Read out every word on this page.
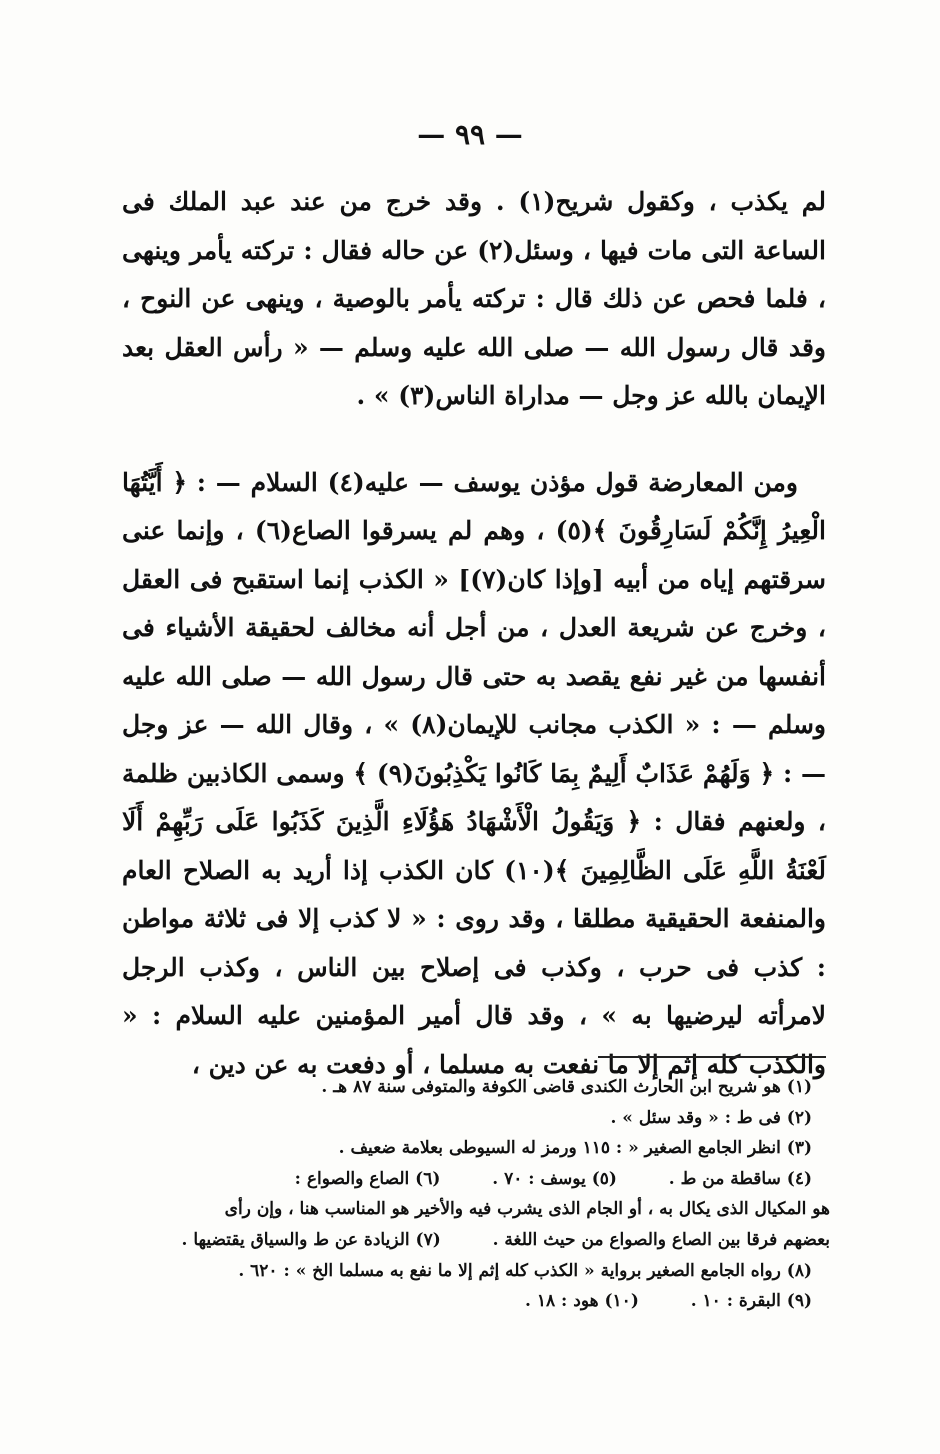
— ٩٩ —

لم يكذب ، وكقول شريح(١) . وقد خرج من عند عبد الملك فى الساعة التى مات فيها ، وسئل(٢) عن حاله فقال : تركته يأمر وينهى ، فلما فحص عن ذلك قال : تركته يأمر بالوصية ، وينهى عن النوح ، وقد قال رسول الله — صلى الله عليه وسلم — « رأس العقل بعد الإيمان بالله عز وجل — مداراة الناس(٣) » .

ومن المعارضة قول مؤذن يوسف — عليه(٤) السلام — : ﴿ أَيَّتُهَا الْعِيرُ إِنَّكُمْ لَسَارِقُونَ ﴾(٥) ، وهم لم يسرقوا الصاع(٦) ، وإنما عنى سرقتهم إياه من أبيه [وإذا كان(٧)] « الكذب إنما استقبح فى العقل ، وخرج عن شريعة العدل ، من أجل أنه مخالف لحقيقة الأشياء فى أنفسها من غير نفع يقصد به حتى قال رسول الله — صلى الله عليه وسلم — : « الكذب مجانب للإيمان(٨) » ، وقال الله — عز وجل — : ﴿ وَلَهُمْ عَذَابٌ أَلِيمٌ بِمَا كَانُوا يَكْذِبُونَ(٩) ﴾ وسمى الكاذبين ظلمة ، ولعنهم فقال : ﴿ وَيَقُولُ الْأَشْهَادُ هَؤُلَاءِ الَّذِينَ كَذَبُوا عَلَى رَبِّهِمْ أَلَا لَعْنَةُ اللَّهِ عَلَى الظَّالِمِينَ ﴾(١٠) كان الكذب إذا أريد به الصلاح العام والمنفعة الحقيقية مطلقا ، وقد روى : « لا كذب إلا فى ثلاثة مواطن : كذب فى حرب ، وكذب فى إصلاح بين الناس ، وكذب الرجل لامرأته ليرضيها به » ، وقد قال أمير المؤمنين عليه السلام : « والكذب كله إثم إلا ما نفعت به مسلما ، أو دفعت به عن دين ،

(١) هو شريح ابن الحارث الكندى قاضى الكوفة والمتوفى سنة ٨٧ هـ .
(٢) فى ط : « وقد سئل » .
(٣) انظر الجامع الصغير « : ١١٥ ورمز له السيوطى بعلامة ضعيف .
(٤) ساقطة من ط .  (٥) يوسف : ٧٠ .  (٦) الصاع والصواع :
هو المكيال الذى يكال به ، أو الجام الذى يشرب فيه والأخير هو المناسب هنا ، وإن رأى
بعضهم فرقا بين الصاع والصواع من حيث اللغة .  (٧) الزيادة عن ط والسياق يقتضيها .
(٨) رواه الجامع الصغير برواية « الكذب كله إثم إلا ما نفع به مسلما الخ » : ٦٢٠ .
(٩) البقرة : ١٠ .  (١٠) هود : ١٨ .
